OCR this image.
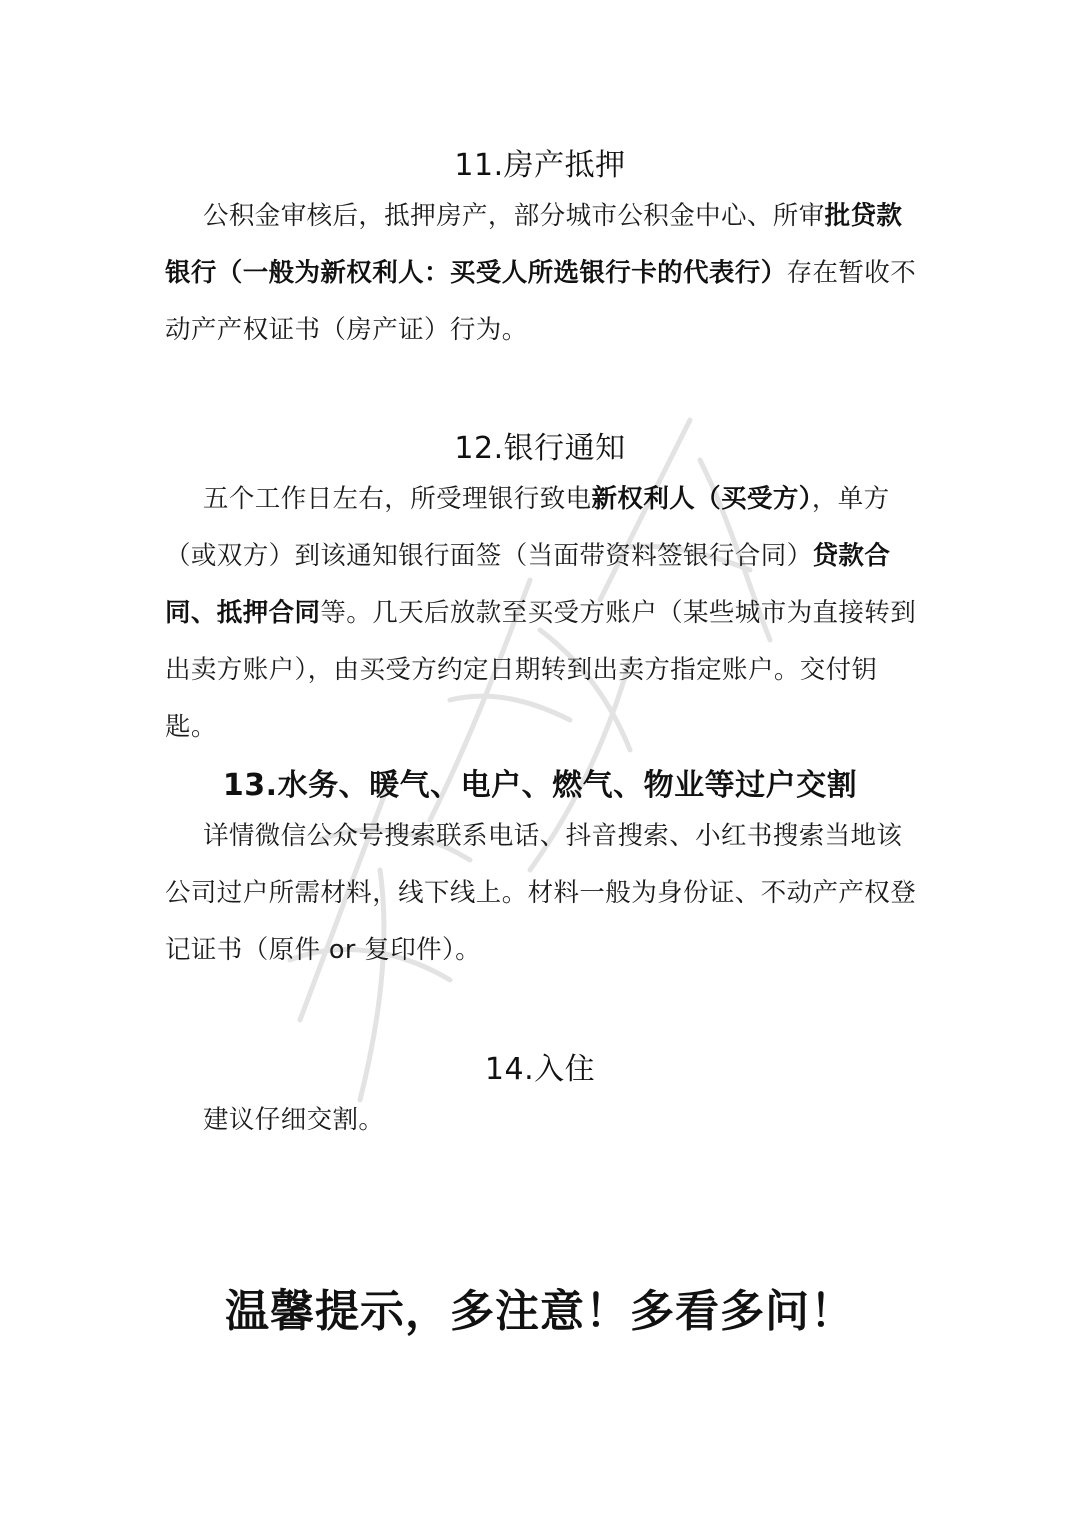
11.房产抵押

公积金审核后，抵押房产，部分城市公积金中心、所审批贷款银行（一般为新权利人：买受人所选银行卡的代表行）存在暂收不动产产权证书（房产证）行为。

12.银行通知

五个工作日左右，所受理银行致电新权利人（买受方），单方（或双方）到该通知银行面签（当面带资料签银行合同）贷款合同、抵押合同等。几天后放款至买受方账户（某些城市为直接转到出卖方账户），由买受方约定日期转到出卖方指定账户。交付钥匙。

13.水务、暖气、电户、燃气、物业等过户交割

详情微信公众号搜索联系电话、抖音搜索、小红书搜索当地该公司过户所需材料，线下线上。材料一般为身份证、不动产产权登记证书（原件 or 复印件）。

14.入住

建议仔细交割。

温馨提示，多注意！多看多问！
